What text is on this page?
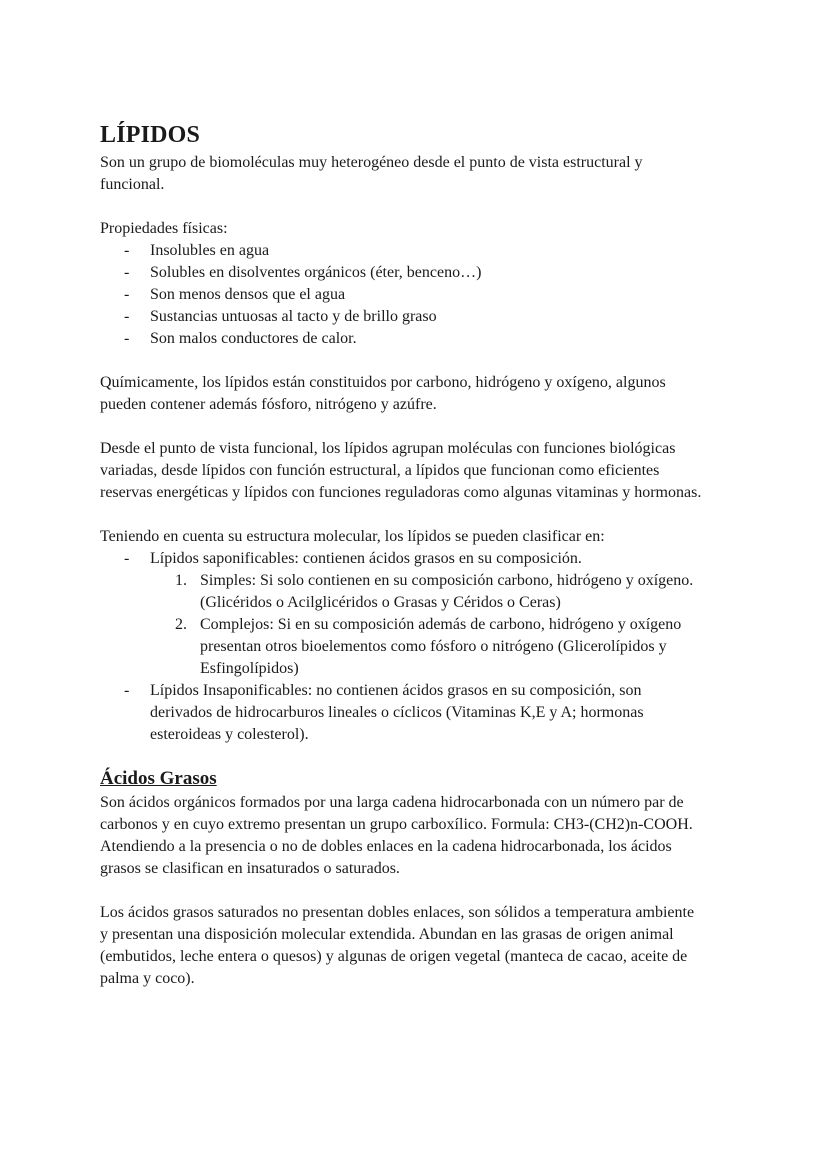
LÍPIDOS

Son un grupo de biomoléculas muy heterogéneo desde el punto de vista estructural y

funcional.

Propiedades físicas:

- Insolubles en agua
- Solubles en disolventes orgánicos (éter, benceno…)
- Son menos densos que el agua
- Sustancias untuosas al tacto y de brillo graso
- Son malos conductores de calor.

Químicamente, los lípidos están constituidos por carbono, hidrógeno y oxígeno, algunos

pueden contener además fósforo, nitrógeno y azúfre.

Desde el punto de vista funcional, los lípidos agrupan moléculas con funciones biológicas

variadas, desde lípidos con función estructural, a lípidos que funcionan como eficientes

reservas energéticas y lípidos con funciones reguladoras como algunas vitaminas y hormonas.

Teniendo en cuenta su estructura molecular, los lípidos se pueden clasificar en:

- Lípidos saponificables: contienen ácidos grasos en su composición.
1. Simples: Si solo contienen en su composición carbono, hidrógeno y oxígeno.

(Glicéridos o Acilglicéridos o Grasas y Céridos o Ceras)

2. Complejos: Si en su composición además de carbono, hidrógeno y oxígeno

presentan otros bioelementos como fósforo o nitrógeno (Glicerolípidos y

Esfingolípidos)

- Lípidos Insaponificables: no contienen ácidos grasos en su composición, son

derivados de hidrocarburos lineales o cíclicos (Vitaminas K,E y A; hormonas

esteroideas y colesterol).

Ácidos Grasos

Son ácidos orgánicos formados por una larga cadena hidrocarbonada con un número par de

carbonos y en cuyo extremo presentan un grupo carboxílico. Formula: CH3-(CH2)n-COOH.

Atendiendo a la presencia o no de dobles enlaces en la cadena hidrocarbonada, los ácidos

grasos se clasifican en insaturados o saturados.

Los ácidos grasos saturados no presentan dobles enlaces, son sólidos a temperatura ambiente

y presentan una disposición molecular extendida. Abundan en las grasas de origen animal

(embutidos, leche entera o quesos) y algunas de origen vegetal (manteca de cacao, aceite de

palma y coco).
